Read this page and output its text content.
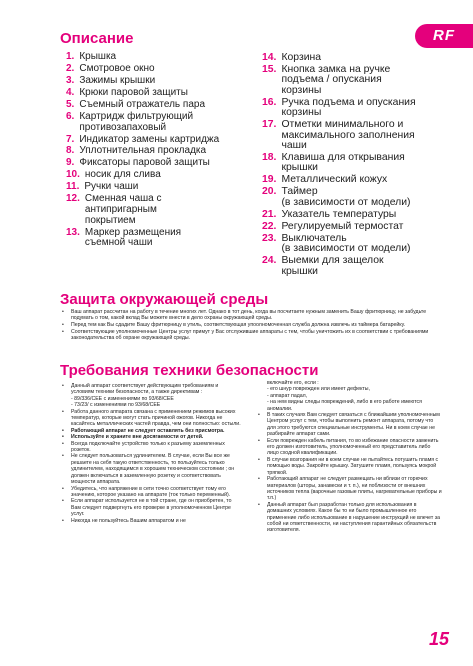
RF
Описание
1. Крышка
2. Смотровое окно
3. Зажимы крышки
4. Крюки паровой защиты
5. Съемный отражатель пара
6. Картридж фильтрующий
противозапаховый
7. Индикатор замены картриджа
8. Уплотнительная прокладка
9. Фиксаторы паровой защиты
10. носик для слива
11. Ручки чаши
12. Сменная чаша с
антипригарным
покрытием
13. Маркер размещения
съемной чаши
14. Корзина
15. Кнопка замка на ручке
подъема / опускания
корзины
16. Ручка подъема и опускания
корзины
17. Отметки минимального и
максимального заполнения
чаши
18. Клавиша для открывания
крышки
19. Металлический кожух
20. Таймер
(в зависимости от модели)
21. Указатель температуры
22. Регулируемый термостат
23. Выключатель
(в зависимости от модели)
24. Выемки для защелок
крышки
Защита окружающей среды
• Ваш аппарат рассчитан на работу в течение многих лет. Однако в тот день, когда вы посчитаете нужным заменить Вашу фритюрницу, не забудьте подумать о том, какой вклад Вы можете внести в дело охраны окружающей среды.
• Перед тем как Вы сдадите Вашу фритюрницу в утиль, соответствующая упоолномоченная служба должна извлечь из таймера батарейку.
• Соответствующие уполномоченные Центры услуг примут у Вас отслужившие аппараты с тем, чтобы уничтожить их в соответствии с требованиями законодательства об охране окружающей среды.
Требования техники безопасности
• Данный аппарат соответствует действующим требованиям и условиям техники безопасности, а также директивам :
- 89/336/CEE с изменениями по 93/68/CEE
- 73/23/ с изменениями по 93/68/CEE
• Работа данного аппарата связана с применением режимов высоких температур, которые могут стать причиной ожогов. Никогда не касайтесь металлических частей правда, чем они полностью: остыли.
• Работающий аппарат не следует оставлять без присмотра.
• Используйте и храните вне досягаемости от детей.
• Всегда подключайте устройство только к разъему заземленных розеток.
• Не следует пользоваться удлинителем. В случае, если Вы все же решаете на себя такую ответственность, то пользуйтесь только удлинителем, находящимся в хорошем техническом состоянии ; он должен включаться в заземленную розетку и соответствовать мощности аппарата.
• Убедитесь, что напряжение в сети точно соответствует тому его значению, которое указано на аппарате (ток только переменный).
• Если аппарат используется не в той стране, где он приобретен, то Вам следует подвергнуть его проверке в уполномоченном Центре услуг.
• Никогда не пользуйтесь Вашим аппаратом и не
включайте его, если :
- его шнур поврежден или имеет дефекты,
- аппарат падал,
- на нем видны следы повреждений, либо в его работе имеются аномалии.
• В таких случаях Вам следует связаться с ближайшим уполномоченным Центром услуг с тем, чтобы выполнить ремонт аппарата, потому что для этого требуются специальные инструменты. Ни в коем случае не разбирайте аппарат сами.
• Если поврежден кабель питания, то во избежание опасности заменить его должен изготовитель, уполномоченный его представитель либо лицо сходной квалификации.
• В случае возгорания ни в коем случае не пытайтесь потушить пламя с помощью воды. Закройте крышку. Затушите пламя, пользуясь мокрой тряпкой.
• Работающий аппарат не следует размещать ни вблизи от горючих материалов (шторы, занавески и т. п.), ни поблизости от внешних источников тепла (варочные газовые плиты, нагревательные приборы и т.п.)
• Данный аппарат был разработан только для использования в домашних условиях. Какое бы то ни было промышленное его применение либо использование в нарушение инструкций не влечет за собой ни ответственности, ни наступления гарантийных обязательств изготовителя.
15
